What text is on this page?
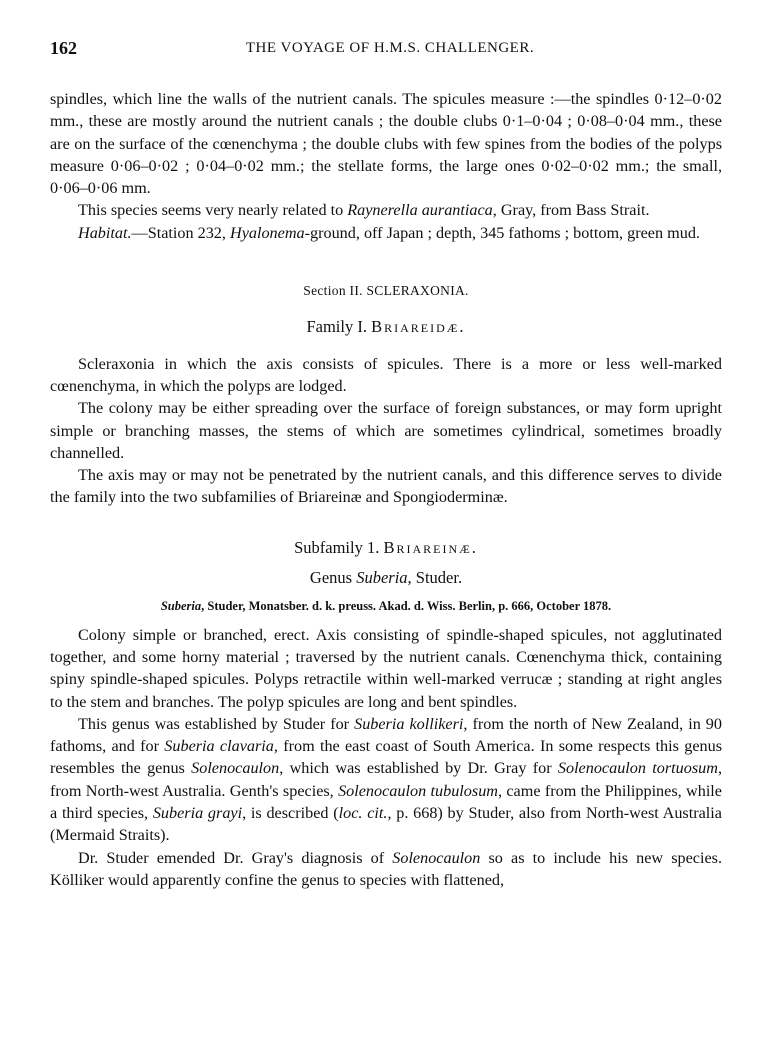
162	THE VOYAGE OF H.M.S. CHALLENGER.

spindles, which line the walls of the nutrient canals. The spicules measure :—the spindles 0·12–0·02 mm., these are mostly around the nutrient canals ; the double clubs 0·1–0·04 ; 0·08–0·04 mm., these are on the surface of the cœnenchyma ; the double clubs with few spines from the bodies of the polyps measure 0·06–0·02 ; 0·04–0·02 mm.; the stellate forms, the large ones 0·02–0·02 mm.; the small, 0·06–0·06 mm.

This species seems very nearly related to Raynerella aurantiaca, Gray, from Bass Strait.

Habitat.—Station 232, Hyalonema-ground, off Japan ; depth, 345 fathoms ; bottom, green mud.

Section II. SCLERAXONIA.
Family I. Briareidæ.

Scleraxonia in which the axis consists of spicules. There is a more or less well-marked cœnenchyma, in which the polyps are lodged.

The colony may be either spreading over the surface of foreign substances, or may form upright simple or branching masses, the stems of which are sometimes cylindrical, sometimes broadly channelled.

The axis may or may not be penetrated by the nutrient canals, and this difference serves to divide the family into the two subfamilies of Briareinæ and Spongioderminæ.

Subfamily 1. Briareinæ.
Genus Suberia, Studer.
Suberia, Studer, Monatsber. d. k. preuss. Akad. d. Wiss. Berlin, p. 666, October 1878.

Colony simple or branched, erect. Axis consisting of spindle-shaped spicules, not agglutinated together, and some horny material ; traversed by the nutrient canals. Cœnenchyma thick, containing spiny spindle-shaped spicules. Polyps retractile within well-marked verrucæ ; standing at right angles to the stem and branches. The polyp spicules are long and bent spindles.

This genus was established by Studer for Suberia kollikeri, from the north of New Zealand, in 90 fathoms, and for Suberia clavaria, from the east coast of South America. In some respects this genus resembles the genus Solenocaulon, which was established by Dr. Gray for Solenocaulon tortuosum, from North-west Australia. Genth's species, Solenocaulon tubulosum, came from the Philippines, while a third species, Suberia grayi, is described (loc. cit., p. 668) by Studer, also from North-west Australia (Mermaid Straits).

Dr. Studer emended Dr. Gray's diagnosis of Solenocaulon so as to include his new species. Kölliker would apparently confine the genus to species with flattened,
